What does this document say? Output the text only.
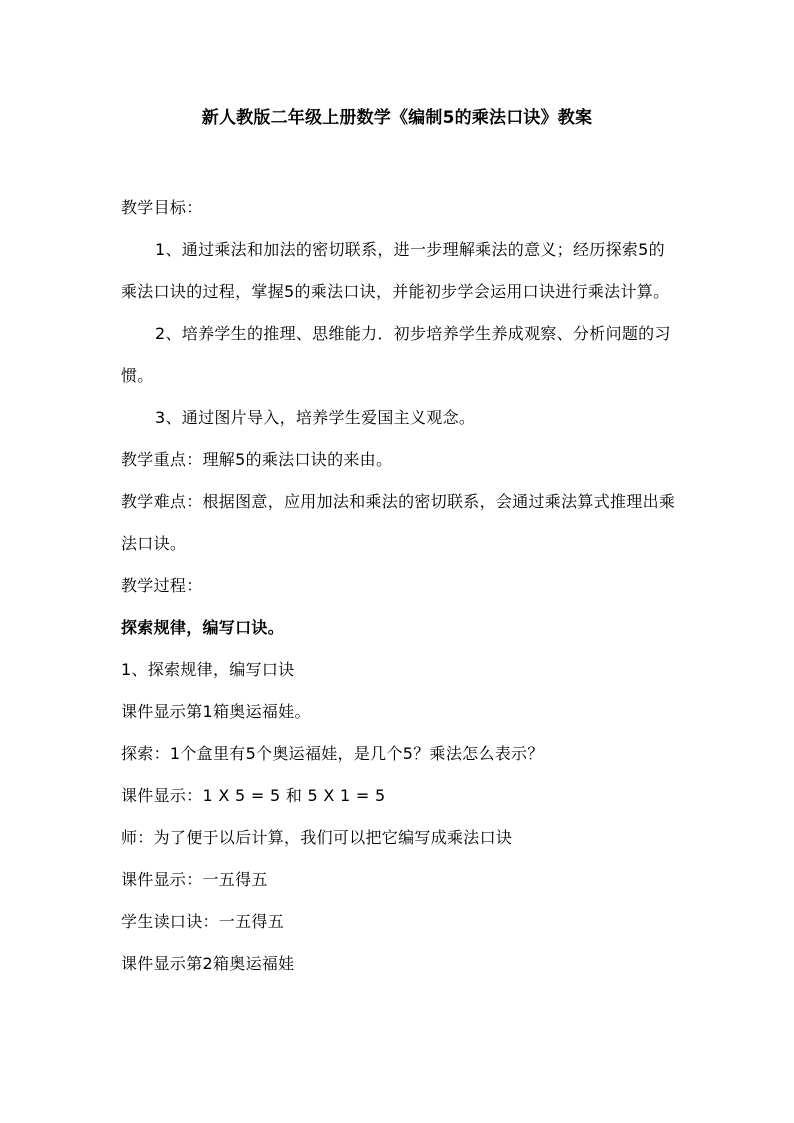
新人教版二年级上册数学《编制5的乘法口诀》教案

教学目标：

1、通过乘法和加法的密切联系，进一步理解乘法的意义；经历探索5的乘法口诀的过程，掌握5的乘法口诀，并能初步学会运用口诀进行乘法计算。

2、培养学生的推理、思维能力．初步培养学生养成观察、分析问题的习惯。

3、通过图片导入，培养学生爱国主义观念。

教学重点：理解5的乘法口诀的来由。

教学难点：根据图意，应用加法和乘法的密切联系，会通过乘法算式推理出乘法口诀。

教学过程：

探索规律，编写口诀。

1、探索规律，编写口诀

课件显示第1箱奥运福娃。

探索：1个盒里有5个奥运福娃，是几个5？乘法怎么表示？

课件显示：1 X 5 = 5 和 5 X 1 = 5

师：为了便于以后计算，我们可以把它编写成乘法口诀

课件显示：一五得五

学生读口诀：一五得五

课件显示第2箱奥运福娃
